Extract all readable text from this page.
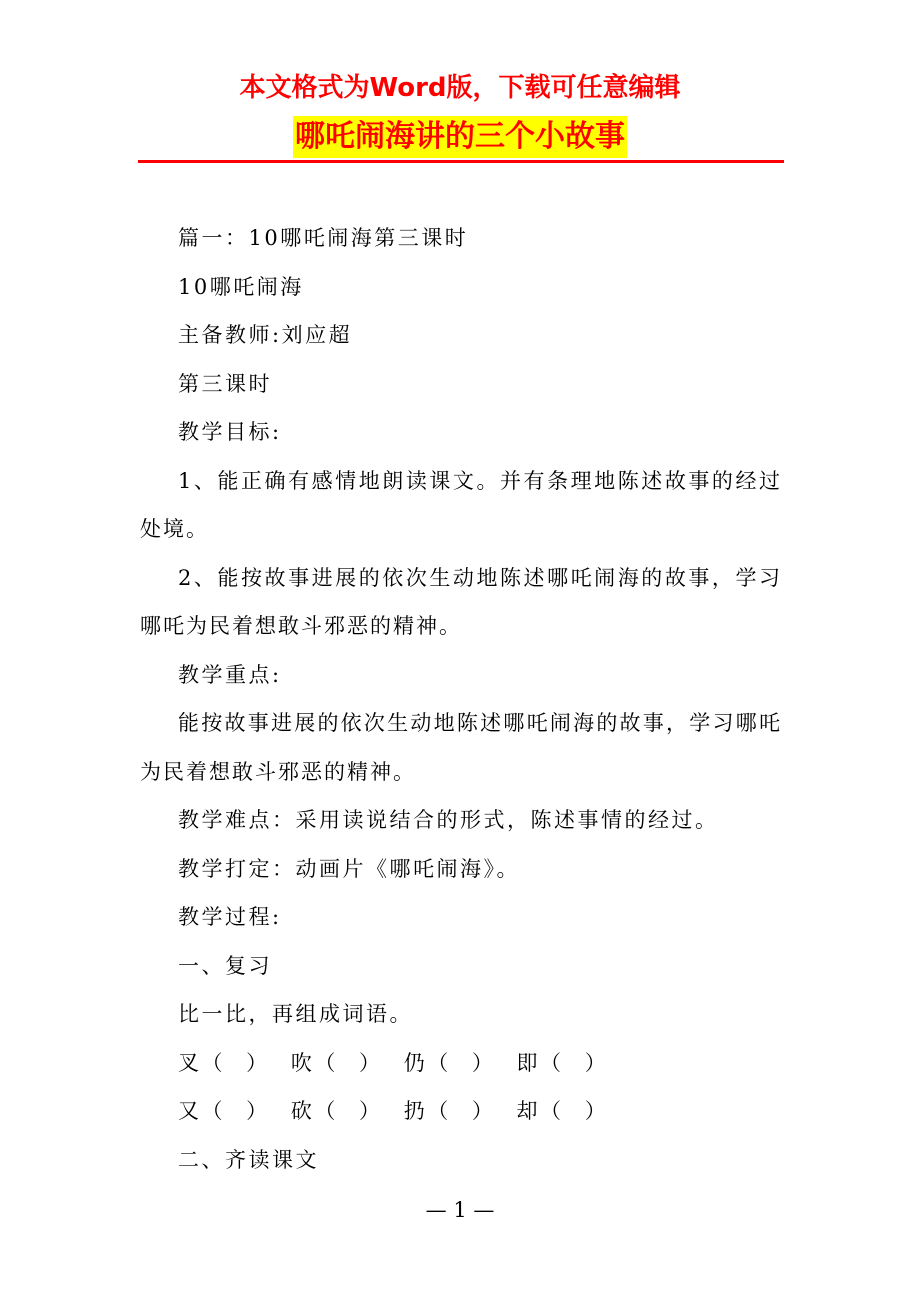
本文格式为Word版，下载可任意编辑
哪吒闹海讲的三个小故事

篇一：10哪吒闹海第三课时

10哪吒闹海

主备教师:刘应超

第三课时

教学目标:

1、能正确有感情地朗读课文。并有条理地陈述故事的经过处境。

2、能按故事进展的依次生动地陈述哪吒闹海的故事，学习哪吒为民着想敢斗邪恶的精神。

教学重点:

能按故事进展的依次生动地陈述哪吒闹海的故事，学习哪吒为民着想敢斗邪恶的精神。

教学难点：采用读说结合的形式，陈述事情的经过。

教学打定：动画片《哪吒闹海》。

教学过程:

一、复习

比一比，再组成词语。

叉（ ） 吹（ ） 仍（ ） 即（ ）

又（ ） 砍（ ） 扔（ ） 却（ ）

二、齐读课文

— 1 —
